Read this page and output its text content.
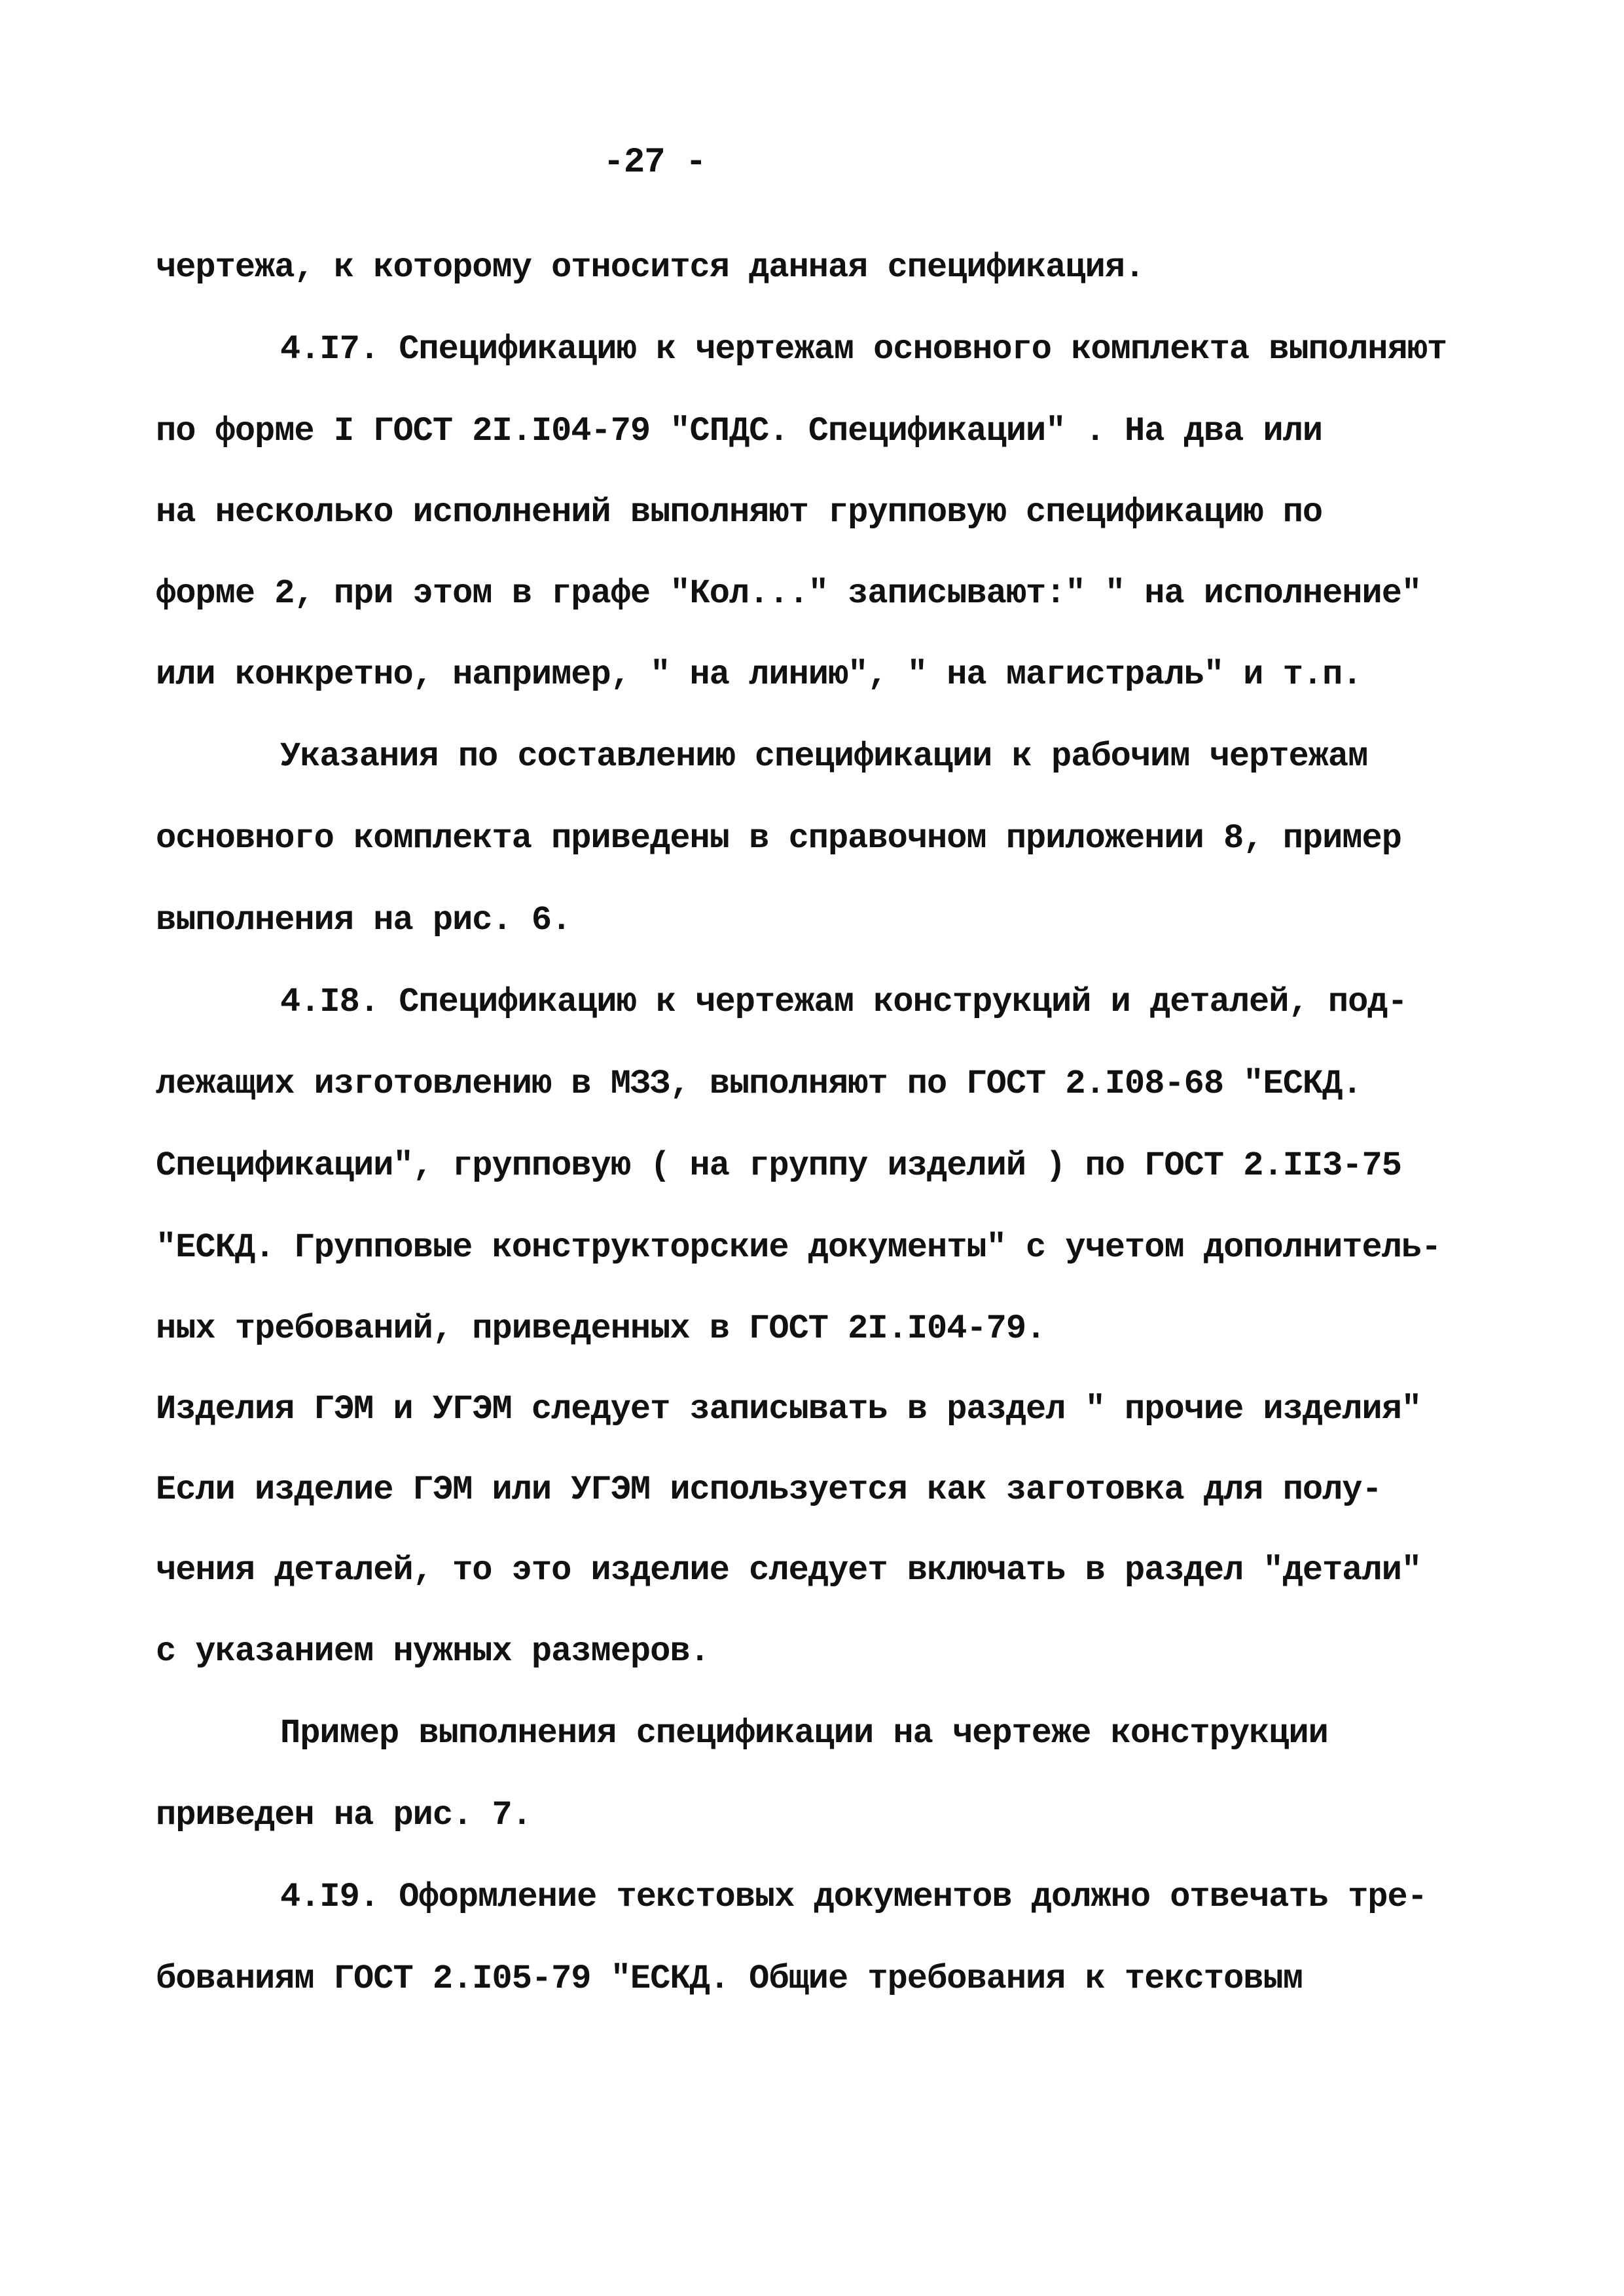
-27 -
чертежа, к которому относится данная спецификация.
4.I7. Спецификацию к чертежам основного комплекта выполняют
по форме I ГОСТ 2I.I04-79 "СПДС. Спецификации" . На два или
на несколько исполнений выполняют групповую спецификацию по
форме 2, при этом в графе "Кол..." записывают:" " на исполнение"
или конкретно, например, " на линию", " на магистраль" и т.п.
Указания по составлению спецификации к рабочим чертежам
основного комплекта приведены в справочном приложении 8, пример
выполнения на рис. 6.
4.I8. Спецификацию к чертежам конструкций и деталей, под-
лежащих изготовлению в МЗЗ, выполняют по ГОСТ 2.I08-68 "ЕСКД.
Спецификации", групповую ( на группу изделий ) по ГОСТ 2.II3-75
"ЕСКД. Групповые конструкторские документы" с учетом дополнитель-
ных требований, приведенных в ГОСТ 2I.I04-79.
Изделия ГЭМ и УГЭМ следует записывать в раздел " прочие изделия"
Если изделие ГЭМ или УГЭМ используется как заготовка для полу-
чения деталей, то это изделие следует включать в раздел "детали"
с указанием нужных размеров.
Пример выполнения спецификации на чертеже конструкции
приведен на рис. 7.
4.I9. Оформление текстовых документов должно отвечать тре-
бованиям ГОСТ 2.I05-79 "ЕСКД. Общие требования к текстовым
